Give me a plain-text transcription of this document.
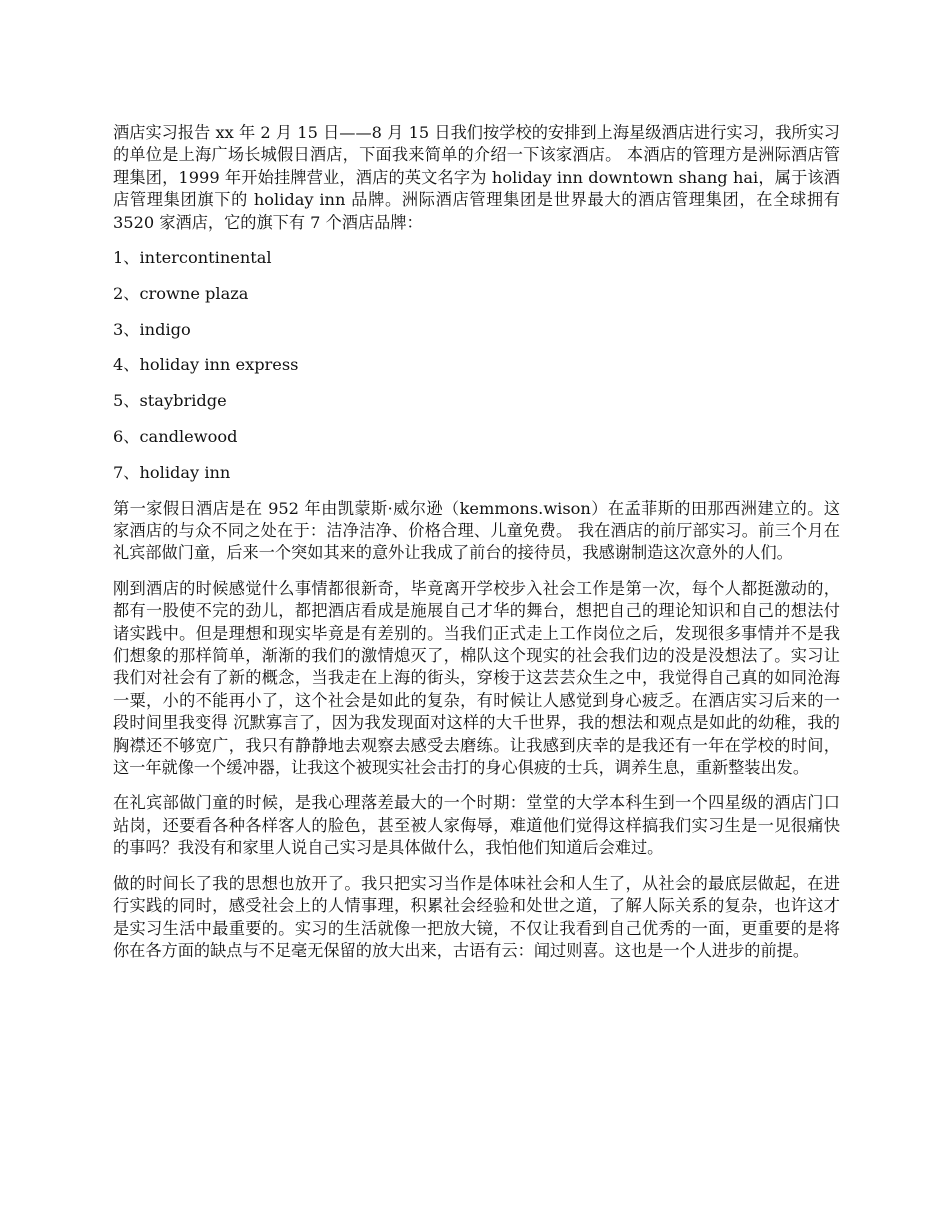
酒店实习报告 xx 年 2 月 15 日——8 月 15 日我们按学校的安排到上海星级酒店进行实习，我所实习的单位是上海广场长城假日酒店，下面我来简单的介绍一下该家酒店。 本酒店的管理方是洲际酒店管理集团，1999 年开始挂牌营业，酒店的英文名字为 holiday inn downtown shang hai，属于该酒店管理集团旗下的 holiday inn 品牌。洲际酒店管理集团是世界最大的酒店管理集团，在全球拥有 3520 家酒店，它的旗下有 7 个酒店品牌：

1、intercontinental
2、crowne plaza
3、indigo
4、holiday inn express
5、staybridge
6、candlewood
7、holiday inn

第一家假日酒店是在 952 年由凯蒙斯·威尔逊（kemmons.wison）在孟菲斯的田那西洲建立的。这家酒店的与众不同之处在于：洁净洁净、价格合理、儿童免费。 我在酒店的前厅部实习。前三个月在礼宾部做门童，后来一个突如其来的意外让我成了前台的接待员，我感谢制造这次意外的人们。

刚到酒店的时候感觉什么事情都很新奇，毕竟离开学校步入社会工作是第一次，每个人都挺激动的，都有一股使不完的劲儿，都把酒店看成是施展自己才华的舞台，想把自己的理论知识和自己的想法付诸实践中。但是理想和现实毕竟是有差别的。当我们正式走上工作岗位之后，发现很多事情并不是我们想象的那样简单，渐渐的我们的激情熄灭了，棉队这个现实的社会我们边的没是没想法了。实习让我们对社会有了新的概念，当我走在上海的街头，穿梭于这芸芸众生之中，我觉得自己真的如同沧海一粟，小的不能再小了，这个社会是如此的复杂，有时候让人感觉到身心疲乏。在酒店实习后来的一段时间里我变得 沉默寡言了，因为我发现面对这样的大千世界，我的想法和观点是如此的幼稚，我的胸襟还不够宽广，我只有静静地去观察去感受去磨练。让我感到庆幸的是我还有一年在学校的时间，这一年就像一个缓冲器，让我这个被现实社会击打的身心俱疲的士兵，调养生息，重新整装出发。

在礼宾部做门童的时候，是我心理落差最大的一个时期：堂堂的大学本科生到一个四星级的酒店门口站岗，还要看各种各样客人的脸色，甚至被人家侮辱，难道他们觉得这样搞我们实习生是一见很痛快的事吗？我没有和家里人说自己实习是具体做什么，我怕他们知道后会难过。

做的时间长了我的思想也放开了。我只把实习当作是体味社会和人生了，从社会的最底层做起，在进行实践的同时，感受社会上的人情事理，积累社会经验和处世之道，了解人际关系的复杂，也许这才是实习生活中最重要的。实习的生活就像一把放大镜，不仅让我看到自己优秀的一面，更重要的是将你在各方面的缺点与不足毫无保留的放大出来，古语有云：闻过则喜。这也是一个人进步的前提。
